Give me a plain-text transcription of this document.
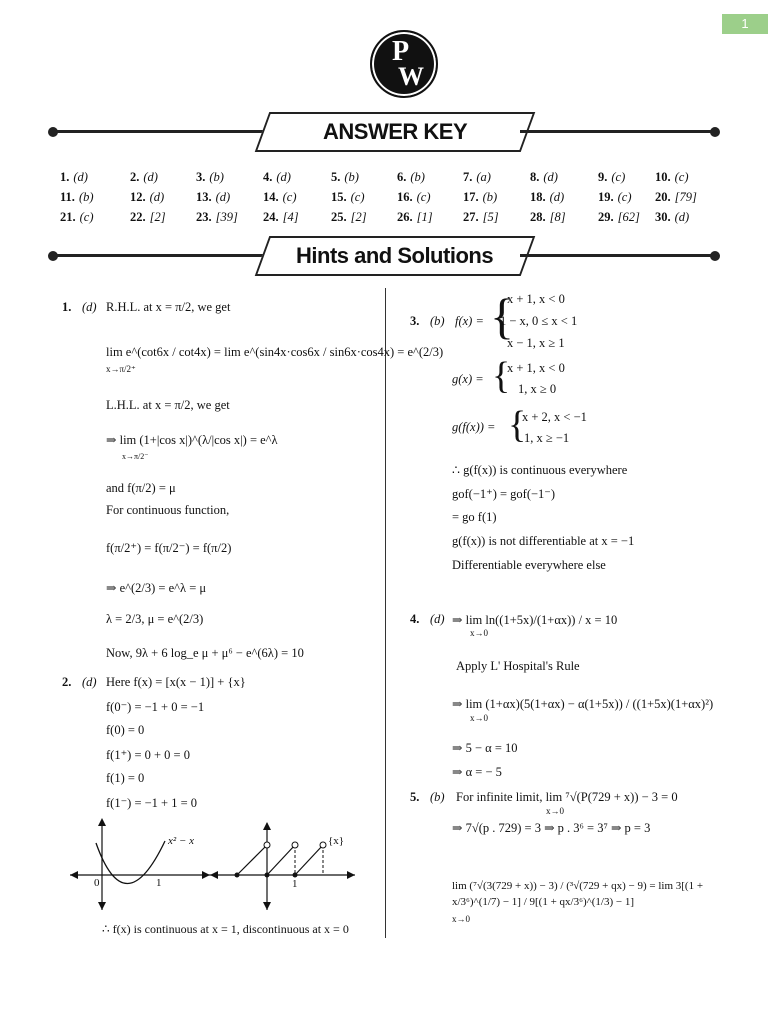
1
P
W
ANSWER KEY
1. (d)	2. (d)	3. (b)	4. (d)	5. (b)	6. (b)	7. (a)	8. (d)	9. (c) 10. (c)
11. (b)	12. (d)	13. (d)	14. (c)	15. (c)	16. (c)	17. (b)	18. (d)	19. (c) 20. [79]
21. (c)	22. [2] 23. [39] 24. [4]	25. [2] 26. [1] 27. [5]	28. [8]	29. [62] 30. (d)
Hints and Solutions
1. (d) R.H.L. at x = π/2, we get
lim e^(cot6x / cot4x) = lim e^(sin4x·cos6x / sin6x·cos4x) = e^(2/3)
x→π/2⁺
L.H.L. at x = π/2, we get
⇒ lim (1+|cos x|)^(λ/|cos x|) = e^λ
x→π/2⁻
and f(π/2) = μ
For continuous function,
f(π/2⁺) = f(π/2⁻) = f(π/2)
⇒ e^(2/3) = e^λ = μ
λ = 2/3, μ = e^(2/3)
Now, 9λ + 6 log_e μ + μ⁶ − e^(6λ) = 10
2. (d) Here f(x) = [x(x − 1)] + {x}
f(0⁻) = −1 + 0 = −1
f(0) = 0
f(1⁺) = 0 + 0 = 0
f(1) = 0
f(1⁻) = −1 + 1 = 0
x² − x
0	1
{x}
1
∴ f(x) is continuous at x = 1, discontinuous at x = 0
3. (b) f(x) = {
x + 1, x < 0
1 − x, 0 ≤ x < 1
x − 1, x ≥ 1
g(x) = {
x + 1, x < 0
1, x ≥ 0
g(f(x)) = {
x + 2, x < −1
1, x ≥ −1
∴ g(f(x)) is continuous everywhere
gof(−1⁺) = gof(−1⁻)
= go f(1)
g(f(x)) is not differentiable at x = −1
Differentiable everywhere else
4. (d) ⇒ lim ln((1+5x)/(1+αx)) / x = 10
x→0
Apply L' Hospital's Rule
⇒ lim (1+αx)(5(1+αx) − α(1+5x)) / ((1+5x)(1+αx)²)
x→0
⇒ 5 − α = 10
⇒ α = − 5
5. (b) For infinite limit, lim ⁷√(P(729 + x)) − 3 = 0
x→0
⇒ 7√(p . 729) = 3 ⇒ p . 3⁶ = 3⁷ ⇒ p = 3
lim (⁷√(3(729 + x)) − 3) / (³√(729 + qx) − 9) = lim 3[(1 + x/3⁶)^(1/7) − 1] / 9[(1 + qx/3⁶)^(1/3) − 1]
x→0
